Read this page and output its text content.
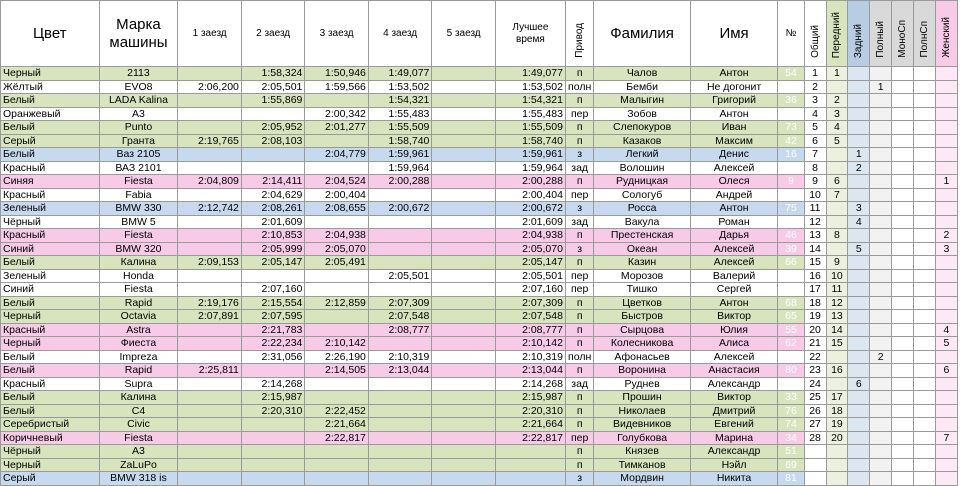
Цвет	Марка машины	1 заезд	2 заезд	3 заезд	4 заезд	5 заезд	Лучшее время	Привод	Фамилия	Имя	№	Общий	Передний	Задний	Полный	МоноСп	ПолнСп	Женский
Черный	2113		1:58,324	1:50,946	1:49,077		1:49,077	п	Чалов	Антон	54	1	1					
Жёлтый	EVO8	2:06,200	2:05,501	1:59,566	1:53,502		1:53,502	полн	Бемби	Не догонит	63	2			1			
Белый	LADA Kalina		1:55,869		1:54,321		1:54,321	п	Малыгин	Григорий	36	3	2					
Оранжевый	A3			2:00,342	1:55,483		1:55,483	пер	Зобов	Антон	48	4	3					
Белый	Punto		2:05,952	2:01,277	1:55,509		1:55,509	п	Слепокуров	Иван	73	5	4					
Серый	Гранта	2:19,765	2:08,103		1:58,740		1:58,740	п	Казаков	Максим	42	6	5					
Белый	Ваз 2105			2:04,779	1:59,961		1:59,961	з	Легкий	Денис	16	7		1				
Красный	ВАЗ 2101				1:59,964		1:59,964	зад	Волошин	Алексей	71	8		2				
Синяя	Fiesta	2:04,809	2:14,411	2:04,524	2:00,288		2:00,288	п	Рудницкая	Олеся	9	9	6					1
Красный	Fabia		2:04,629	2:00,404			2:00,404	пер	Сологуб	Андрей	77	10	7					
Зеленый	BMW 330	2:12,742	2:08,261	2:08,655	2:00,672		2:00,672	з	Росса	Антон	75	11		3				
Чёрный	BMW 5		2:01,609				2:01,609	зад	Вакула	Роман	70	12		4				
Красный	Fiesta		2:10,853	2:04,938			2:04,938	п	Престенская	Дарья	46	13	8					2
Синий	BMW 320		2:05,999	2:05,070			2:05,070	з	Океан	Алексей	39	14		5				3
Белый	Калина	2:09,153	2:05,147	2:05,491			2:05,147	п	Казин	Алексей	66	15	9					
Зеленый	Honda				2:05,501		2:05,501	пер	Морозов	Валерий	61	16	10					
Синий	Fiesta		2:07,160				2:07,160	пер	Тишко	Сергей	72	17	11					
Белый	Rapid	2:19,176	2:15,554	2:12,859	2:07,309		2:07,309	п	Цветков	Антон	68	18	12					
Черный	Octavia	2:07,891	2:07,595		2:07,548		2:07,548	п	Быстров	Виктор	65	19	13					
Красный	Astra		2:21,783		2:08,777		2:08,777	п	Сырцова	Юлия	55	20	14					4
Черный	Фиеста		2:22,234	2:10,142			2:10,142	п	Колесникова	Алиса	62	21	15					5
Белый	Impreza		2:31,056	2:26,190	2:10,319		2:10,319	полн	Афонасьев	Алексей	64	22			2			
Белый	Rapid	2:25,811		2:14,505	2:13,044		2:13,044	п	Воронина	Анастасия	80	23	16					6
Красный	Supra		2:14,268				2:14,268	зад	Руднев	Александр	67	24		6				
Белый	Калина		2:15,987				2:15,987	п	Прошин	Виктор	33	25	17					
Белый	C4		2:20,310	2:22,452			2:20,310	п	Николаев	Дмитрий	76	26	18					
Серебристый	Civic			2:21,664			2:21,664	п	Видевников	Евгений	74	27	19					
Коричневый	Fiesta			2:22,817			2:22,817	пер	Голубкова	Марина	34	28	20					7
Чёрный	A3							п	Князев	Александр	51							
Черный	ZaLuPo							п	Тимканов	Нэйл	69							
Серый	BMW 318 is							з	Мордвин	Никита	81							
